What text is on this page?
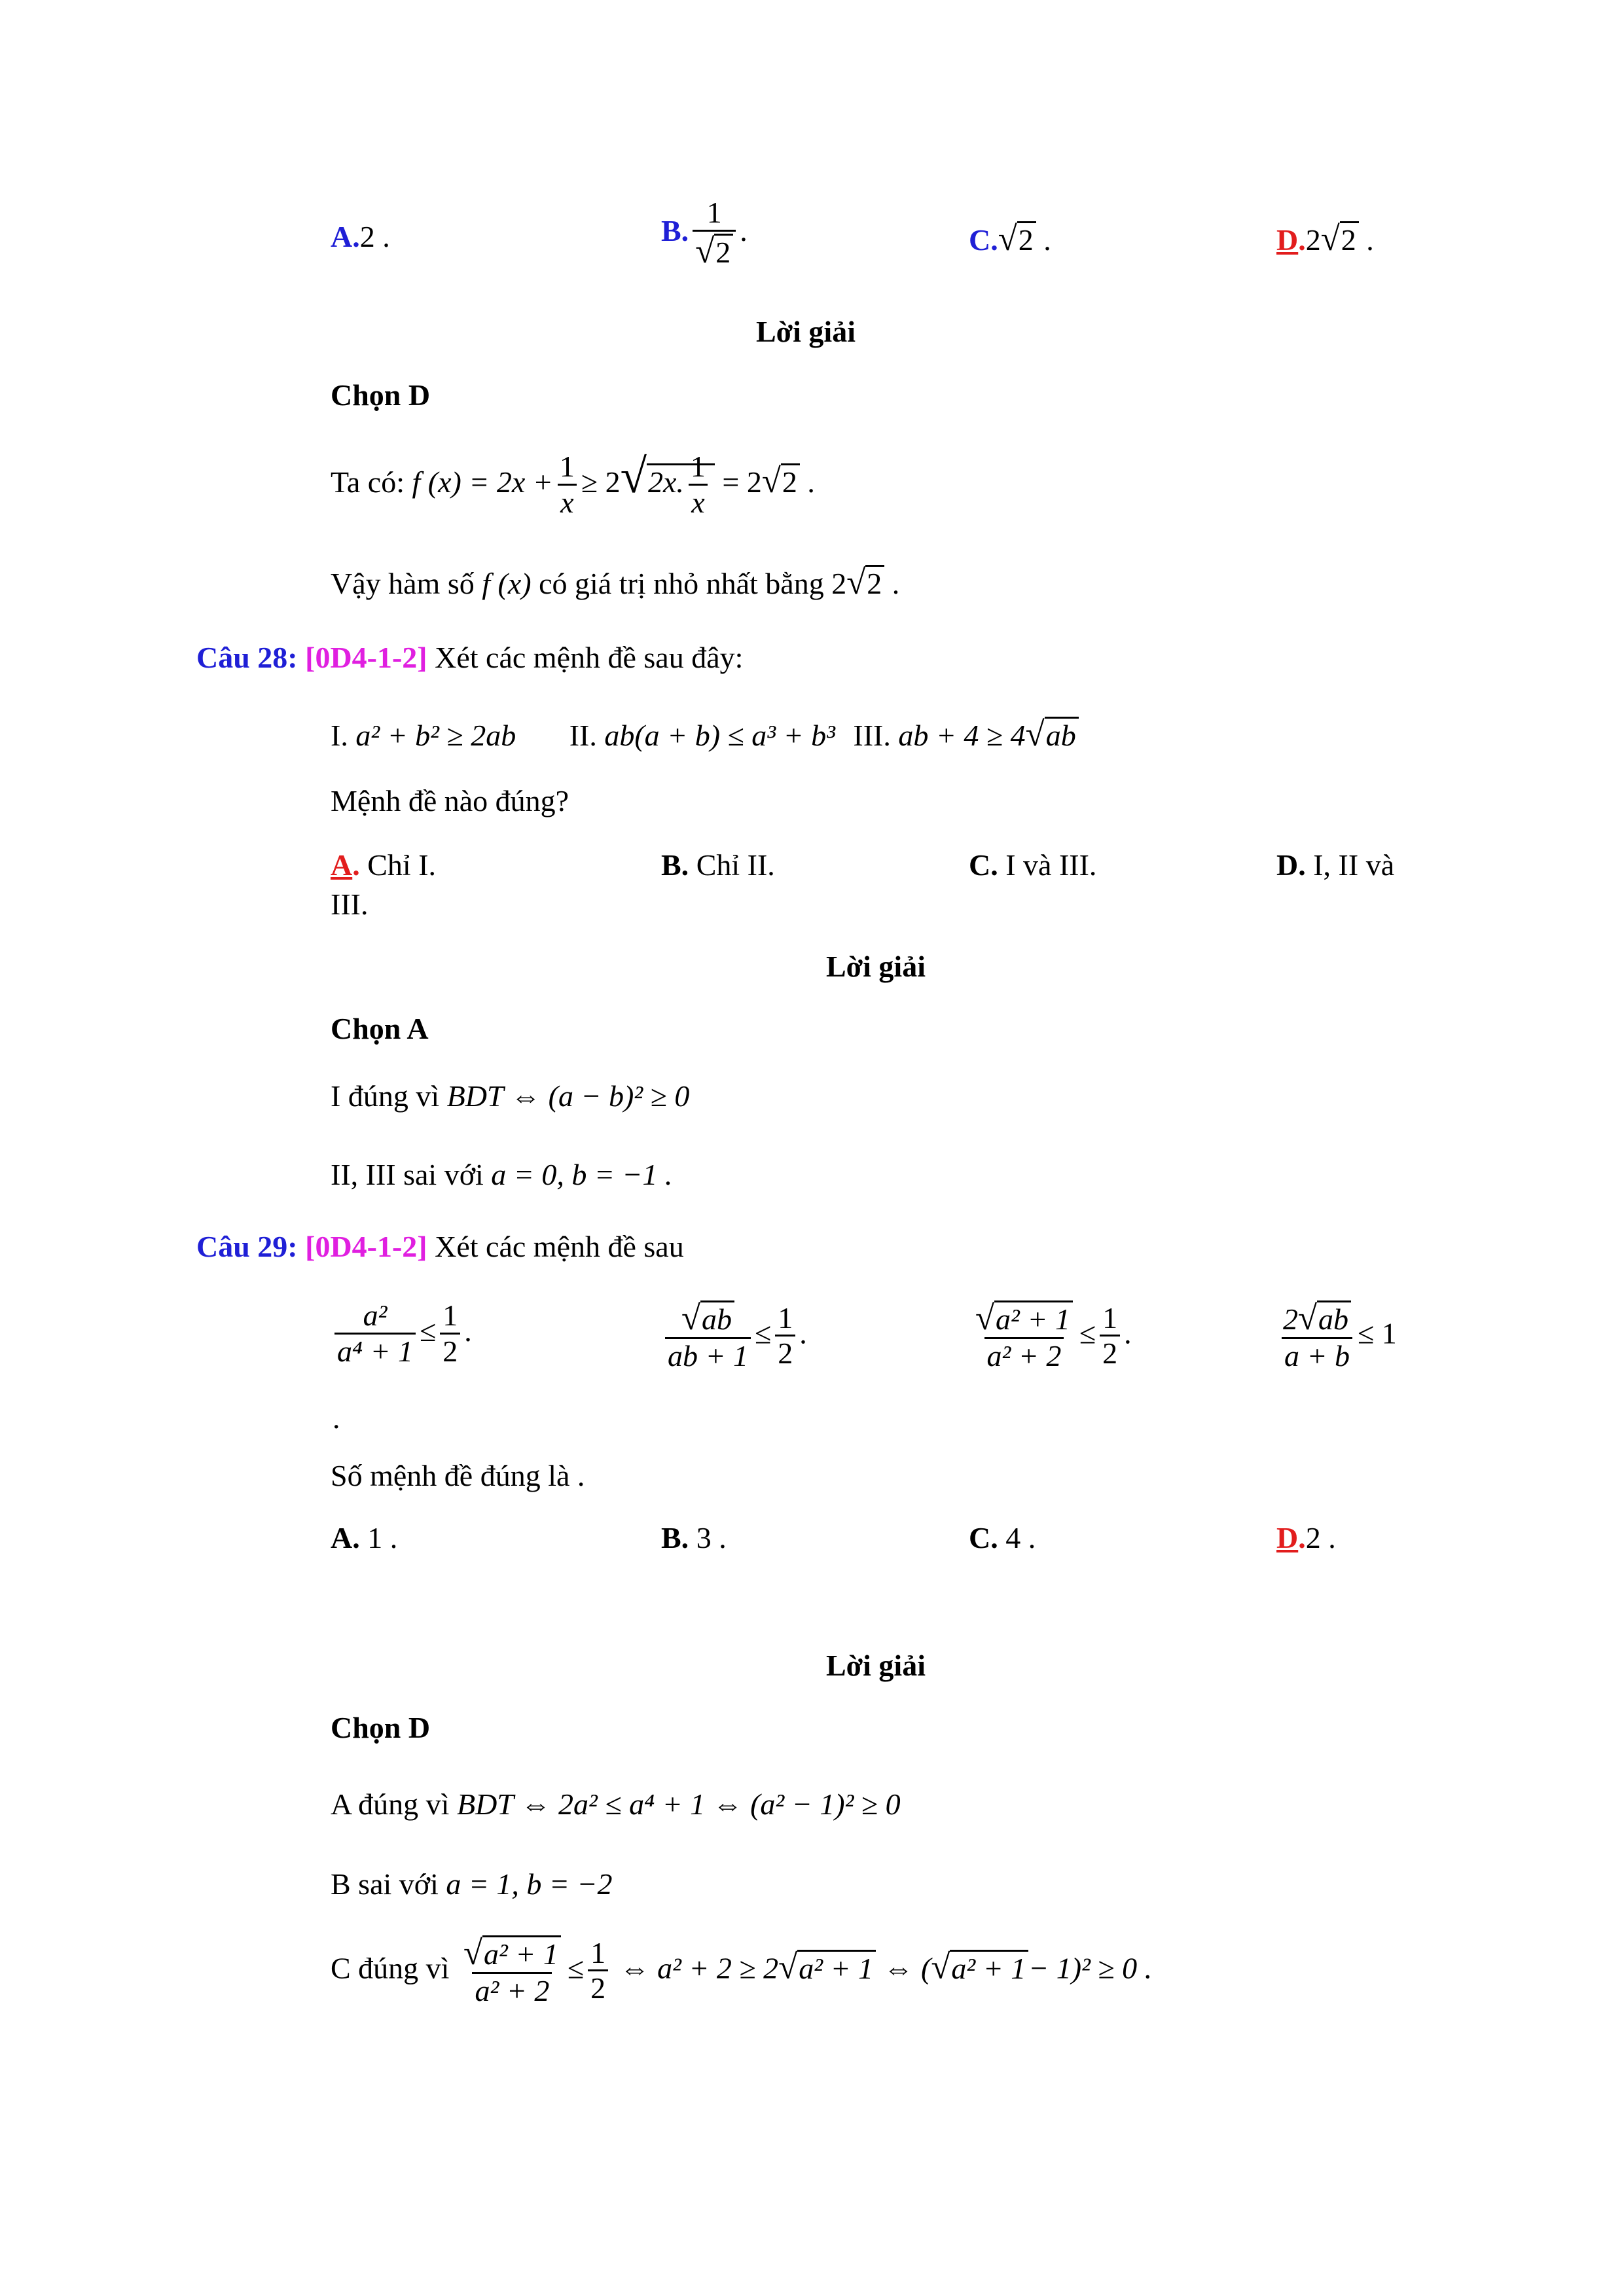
A.2 .	B. $\frac{1}{√2}$ .	C.√2 .	D.2√2 .
Lời giải
Chọn D
Ta có: f $(x) = 2x + \frac{1}{x} \ge 2√2x$. $\frac{1}{x} = 2√2$ .
Vậy hàm số f (x) có giá trị nhỏ nhất bằng 2√2 .
Câu 28: [0D4-1-2] Xét các mệnh đề sau đây:
I. a² + b² ≥ 2ab II. ab(a + b) ≤ a³ + b³ III. ab + 4 ≥ 4√ab
Mệnh đề nào đúng?
A. Chỉ I.	B. Chỉ II.	C. I và III.	D. I, II và
III.
Lời giải
Chọn A
I đúng vì BDT ⇔ (a − b)² ≥ 0
II, III sai với a = 0, b = −1 .
Câu 29: [0D4-1-2] Xét các mệnh đề sau
$\frac{\text{a²}}{\text{a⁴ + 1}} \le \frac{1}{2}$ .	$\frac{√ab}{ab + 1} \le \frac{1}{2}$ .	$\frac{\text{√a² + 1}}{\text{a² + 2}} \le \frac{1}{2}$ .	$\frac{2√ab}{a + b} \le 1$
.
Số mệnh đề đúng là .
A. 1 .	B. 3 .	C. 4 .	D.2 .
Lời giải
Chọn D
A đúng vì BDT ⇔ 2a² ≤ a⁴ + 1 ⇔ (a² − 1)² ≥ 0
B sai với a = 1, b = −2
C đúng vì $\frac{\text{√a² + 1}}{\text{a² + 2}} \le \frac{1}{2}$ ⇔ a² + 2 ≥ 2√a² + 1 ⇔ (√a² + 1− 1)² ≥ 0 .
